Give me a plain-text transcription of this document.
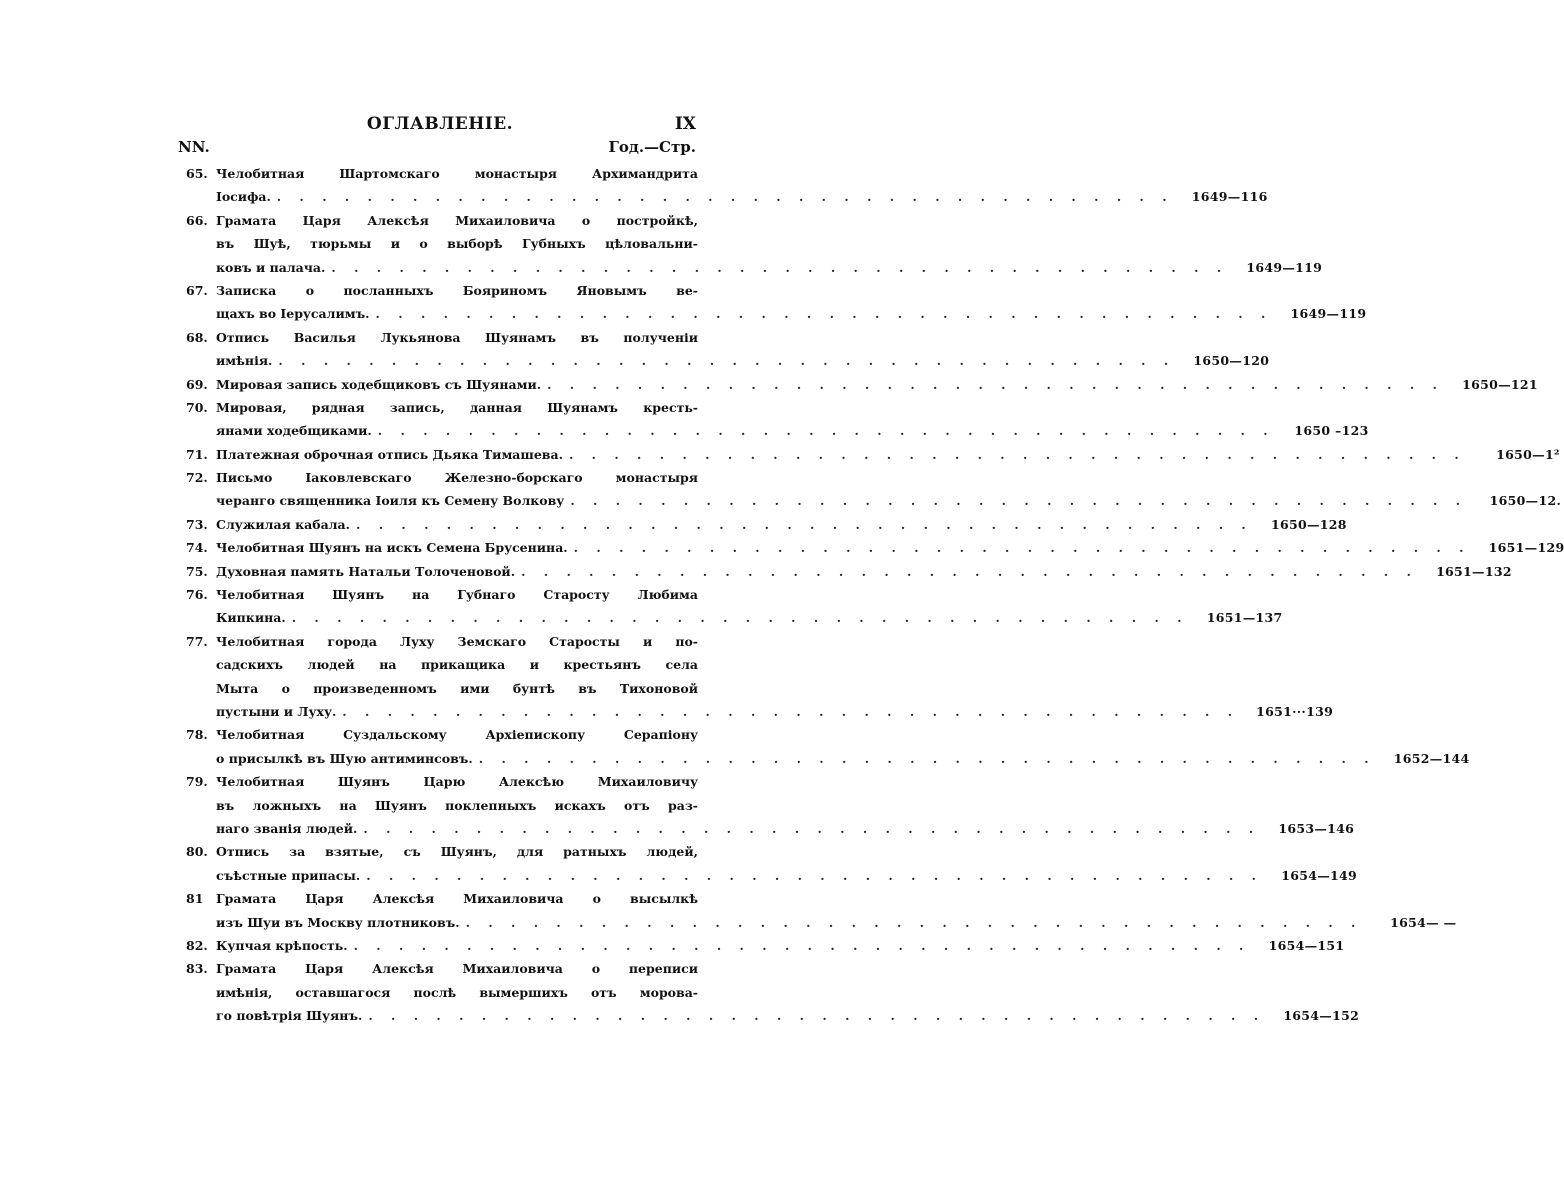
ОГЛАВЛЕНІЕ.	IX
NN.	Год.—Стр.
65. Челобитная Шартомскаго монастыря Архимандрита
Іосифа. . . . . . . . . . . . . . . . . . . . . . . . . . . . . . . . . . . . . . . . .	1649—116
66. Грамата Царя Алексѣя Михаиловича о постройкѣ,
въ Шуѣ, тюрьмы и о выборѣ Губныхъ цѣловальни-
ковъ и палача. . . . . . . . . . . . . . . . . . . . . . . . . . . . . . . . . . . . . . . . .	1649—119
67. Записка о посланныхъ Бояриномъ Яновымъ ве-
щахъ во Іерусалимъ. . . . . . . . . . . . . . . . . . . . . . . . . . . . . . . . . . . . . . . . .	1649—119
68. Отпись Василья Лукьянова Шуянамъ въ полученіи
имѣнія. . . . . . . . . . . . . . . . . . . . . . . . . . . . . . . . . . . . . . . . .	1650—120
69. Мировая запись ходебщиковъ съ Шуянами. . . . . . . . . . . . . . . . . . . . . . . . . . . . . . . . . . . . . . . . .	1650—121
70. Мировая, рядная запись, данная Шуянамъ кресть-
янами ходебщиками. . . . . . . . . . . . . . . . . . . . . . . . . . . . . . . . . . . . . . . . .	1650 –123
71. Платежная оброчная отпись Дьяка Тимашева. . . . . . . . . . . . . . . . . . . . . . . . . . . . . . . . . . . . . . . . .	1650—1²
72. Письмо Іаковлевскаго Железно-борскаго монастыря
черанго священника Іоиля къ Семену Волкову . . . . . . . . . . . . . . . . . . . . . . . . . . . . . . . . . . . . . . . .	1650—12.
73. Служилая кабала. . . . . . . . . . . . . . . . . . . . . . . . . . . . . . . . . . . . . . . . .	1650—128
74. Челобитная Шуянъ на искъ Семена Брусенина. . . . . . . . . . . . . . . . . . . . . . . . . . . . . . . . . . . . . . . . .	1651—129
75. Духовная память Натальи Толоченовой. . . . . . . . . . . . . . . . . . . . . . . . . . . . . . . . . . . . . . . . .	1651—132
76. Челобитная Шуянъ на Губнаго Старосту Любима
Кипкина. . . . . . . . . . . . . . . . . . . . . . . . . . . . . . . . . . . . . . . . .	1651—137
77. Челобитная города Луху Земскаго Старосты и по-
садскихъ людей на прикащика и крестьянъ села
Мыта о произведенномъ ими бунтѣ въ Тихоновой
пустыни и Луху. . . . . . . . . . . . . . . . . . . . . . . . . . . . . . . . . . . . . . . . .	1651···139
78. Челобитная Суздальскому Архіепископу Серапіону
о присылкѣ въ Шую антиминсовъ. . . . . . . . . . . . . . . . . . . . . . . . . . . . . . . . . . . . . . . . .	1652—144
79. Челобитная Шуянъ Царю Алексѣю Михаиловичу
въ ложныхъ на Шуянъ поклепныхъ искахъ отъ раз-
наго званія людей. . . . . . . . . . . . . . . . . . . . . . . . . . . . . . . . . . . . . . . . .	1653—146
80. Отпись за взятые, съ Шуянъ, для ратныхъ людей,
съѣстные припасы. . . . . . . . . . . . . . . . . . . . . . . . . . . . . . . . . . . . . . . . .	1654—149
81 Грамата Царя Алексѣя Михаиловича о высылкѣ
изъ Шуи въ Москву плотниковъ. . . . . . . . . . . . . . . . . . . . . . . . . . . . . . . . . . . . . . . . .	1654— —
82. Купчая крѣпость. . . . . . . . . . . . . . . . . . . . . . . . . . . . . . . . . . . . . . . . .	1654—151
83. Грамата Царя Алексѣя Михаиловича о переписи
имѣнія, оставшагося послѣ вымершихъ отъ морова-
го повѣтрія Шуянъ. . . . . . . . . . . . . . . . . . . . . . . . . . . . . . . . . . . . . . . . .	1654—152
